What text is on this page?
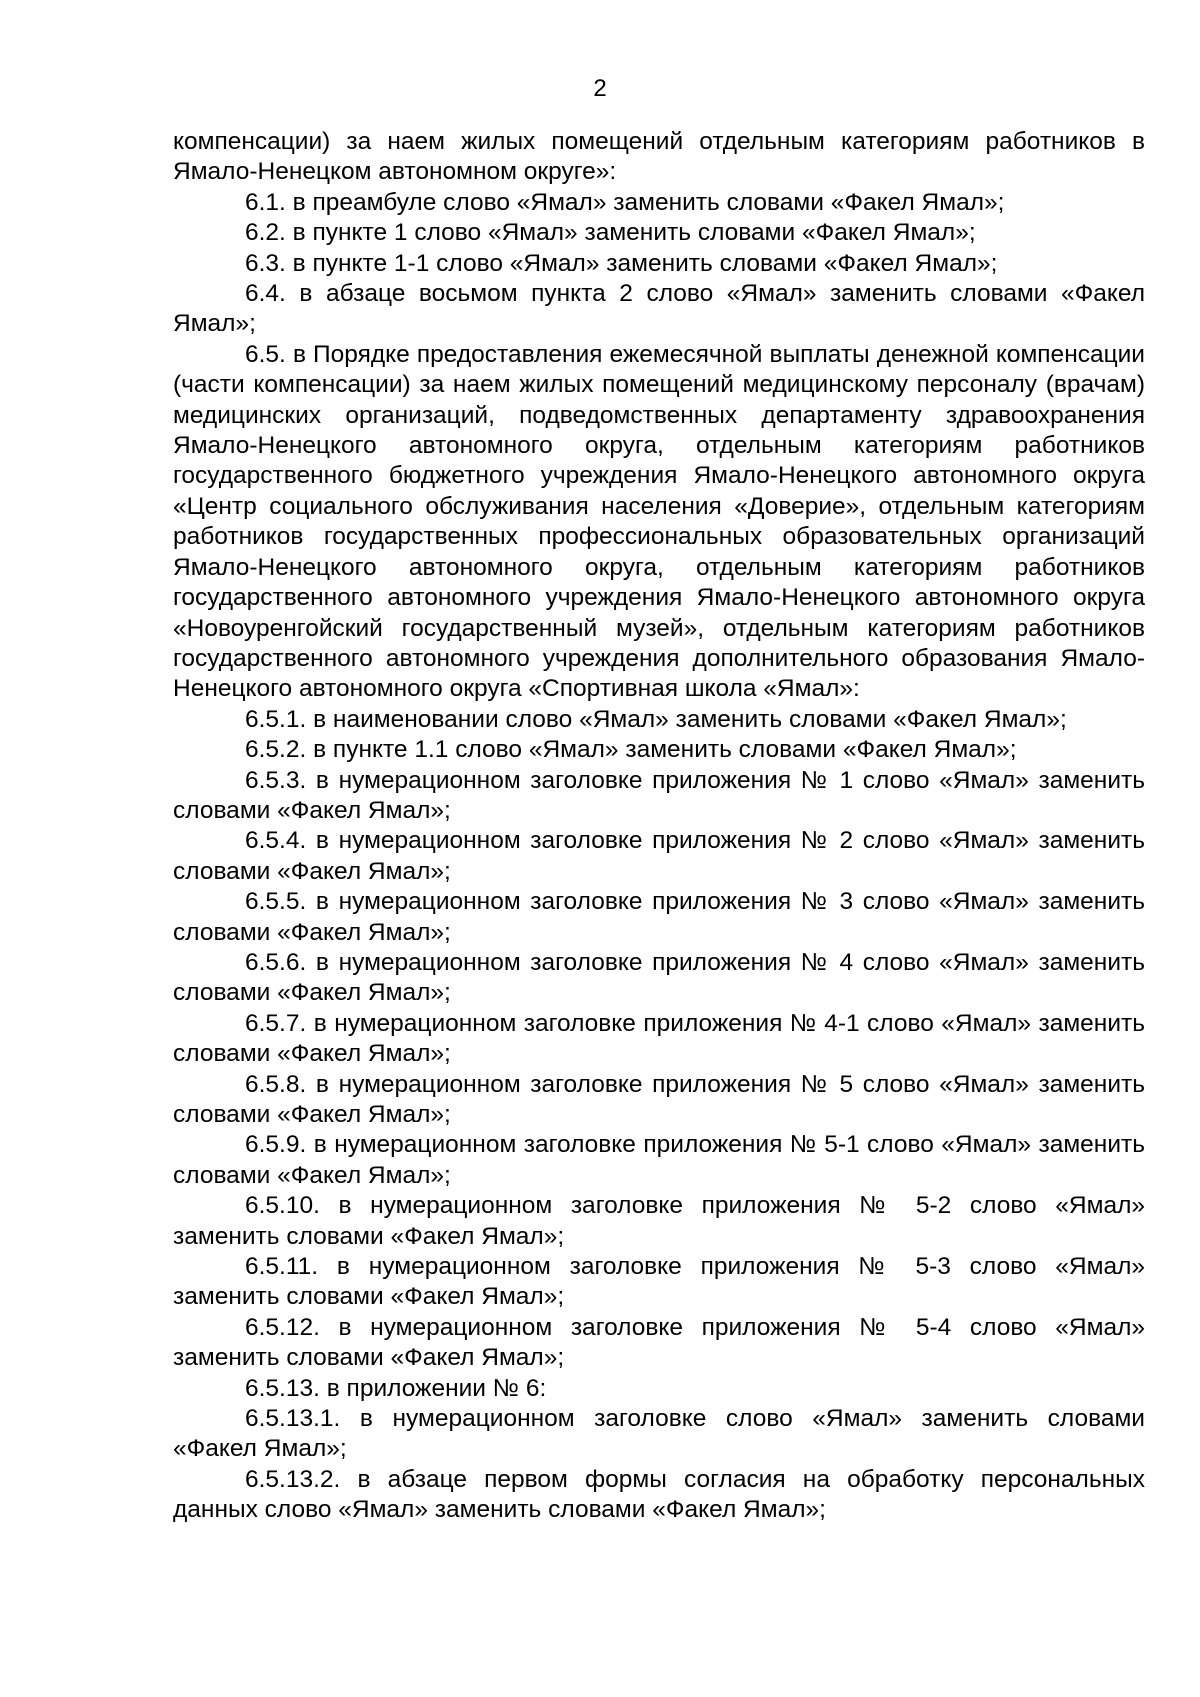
2

компенсации) за наем жилых помещений отдельным категориям работников в Ямало-Ненецком автономном округе»:

6.1. в преамбуле слово «Ямал» заменить словами «Факел Ямал»;

6.2. в пункте 1 слово «Ямал» заменить словами «Факел Ямал»;

6.3. в пункте 1-1 слово «Ямал» заменить словами «Факел Ямал»;

6.4. в абзаце восьмом пункта 2 слово «Ямал» заменить словами «Факел Ямал»;

6.5. в Порядке предоставления ежемесячной выплаты денежной компенсации (части компенсации) за наем жилых помещений медицинскому персоналу (врачам) медицинских организаций, подведомственных департаменту здравоохранения Ямало-Ненецкого автономного округа, отдельным категориям работников государственного бюджетного учреждения Ямало-Ненецкого автономного округа «Центр социального обслуживания населения «Доверие», отдельным категориям работников государственных профессиональных образовательных организаций Ямало-Ненецкого автономного округа, отдельным категориям работников государственного автономного учреждения Ямало-Ненецкого автономного округа «Новоуренгойский государственный музей», отдельным категориям работников государственного автономного учреждения дополнительного образования Ямало-Ненецкого автономного округа «Спортивная школа «Ямал»:

6.5.1. в наименовании слово «Ямал» заменить словами «Факел Ямал»;

6.5.2. в пункте 1.1 слово «Ямал» заменить словами «Факел Ямал»;

6.5.3. в нумерационном заголовке приложения № 1 слово «Ямал» заменить словами «Факел Ямал»;

6.5.4. в нумерационном заголовке приложения № 2 слово «Ямал» заменить словами «Факел Ямал»;

6.5.5. в нумерационном заголовке приложения № 3 слово «Ямал» заменить словами «Факел Ямал»;

6.5.6. в нумерационном заголовке приложения № 4 слово «Ямал» заменить словами «Факел Ямал»;

6.5.7. в нумерационном заголовке приложения № 4-1 слово «Ямал» заменить словами «Факел Ямал»;

6.5.8. в нумерационном заголовке приложения № 5 слово «Ямал» заменить словами «Факел Ямал»;

6.5.9. в нумерационном заголовке приложения № 5-1 слово «Ямал» заменить словами «Факел Ямал»;

6.5.10. в нумерационном заголовке приложения № 5-2 слово «Ямал» заменить словами «Факел Ямал»;

6.5.11. в нумерационном заголовке приложения № 5-3 слово «Ямал» заменить словами «Факел Ямал»;

6.5.12. в нумерационном заголовке приложения № 5-4 слово «Ямал» заменить словами «Факел Ямал»;

6.5.13. в приложении № 6:

6.5.13.1. в нумерационном заголовке слово «Ямал» заменить словами «Факел Ямал»;

6.5.13.2. в абзаце первом формы согласия на обработку персональных данных слово «Ямал» заменить словами «Факел Ямал»;
